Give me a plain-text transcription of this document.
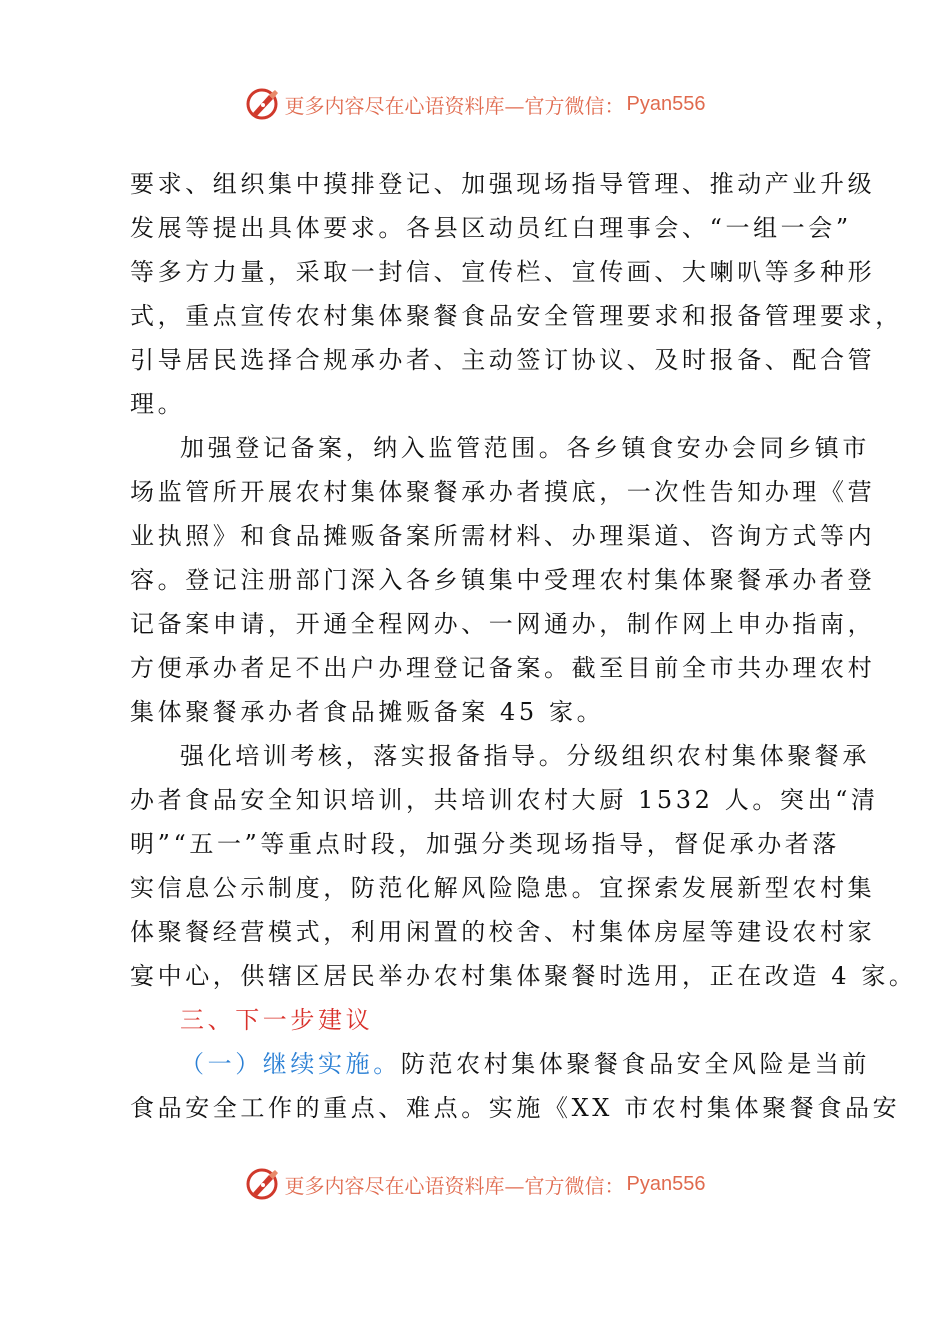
更多内容尽在心语资料库—官方微信： Pyan556
要求、组织集中摸排登记、加强现场指导管理、推动产业升级
发展等提出具体要求。各县区动员红白理事会、“一组一会”
等多方力量，采取一封信、宣传栏、宣传画、大喇叭等多种形
式，重点宣传农村集体聚餐食品安全管理要求和报备管理要求，
引导居民选择合规承办者、主动签订协议、及时报备、配合管
理。
加强登记备案，纳入监管范围。各乡镇食安办会同乡镇市
场监管所开展农村集体聚餐承办者摸底，一次性告知办理《营
业执照》和食品摊贩备案所需材料、办理渠道、咨询方式等内
容。登记注册部门深入各乡镇集中受理农村集体聚餐承办者登
记备案申请，开通全程网办、一网通办，制作网上申办指南，
方便承办者足不出户办理登记备案。截至目前全市共办理农村
集体聚餐承办者食品摊贩备案 45 家。
强化培训考核，落实报备指导。分级组织农村集体聚餐承
办者食品安全知识培训，共培训农村大厨 1532 人。突出“清
明”“五一”等重点时段，加强分类现场指导，督促承办者落
实信息公示制度，防范化解风险隐患。宜探索发展新型农村集
体聚餐经营模式，利用闲置的校舍、村集体房屋等建设农村家
宴中心，供辖区居民举办农村集体聚餐时选用，正在改造 4 家。
三、下一步建议
（一）继续实施。防范农村集体聚餐食品安全风险是当前
食品安全工作的重点、难点。实施《XX 市农村集体聚餐食品安
更多内容尽在心语资料库—官方微信： Pyan556
